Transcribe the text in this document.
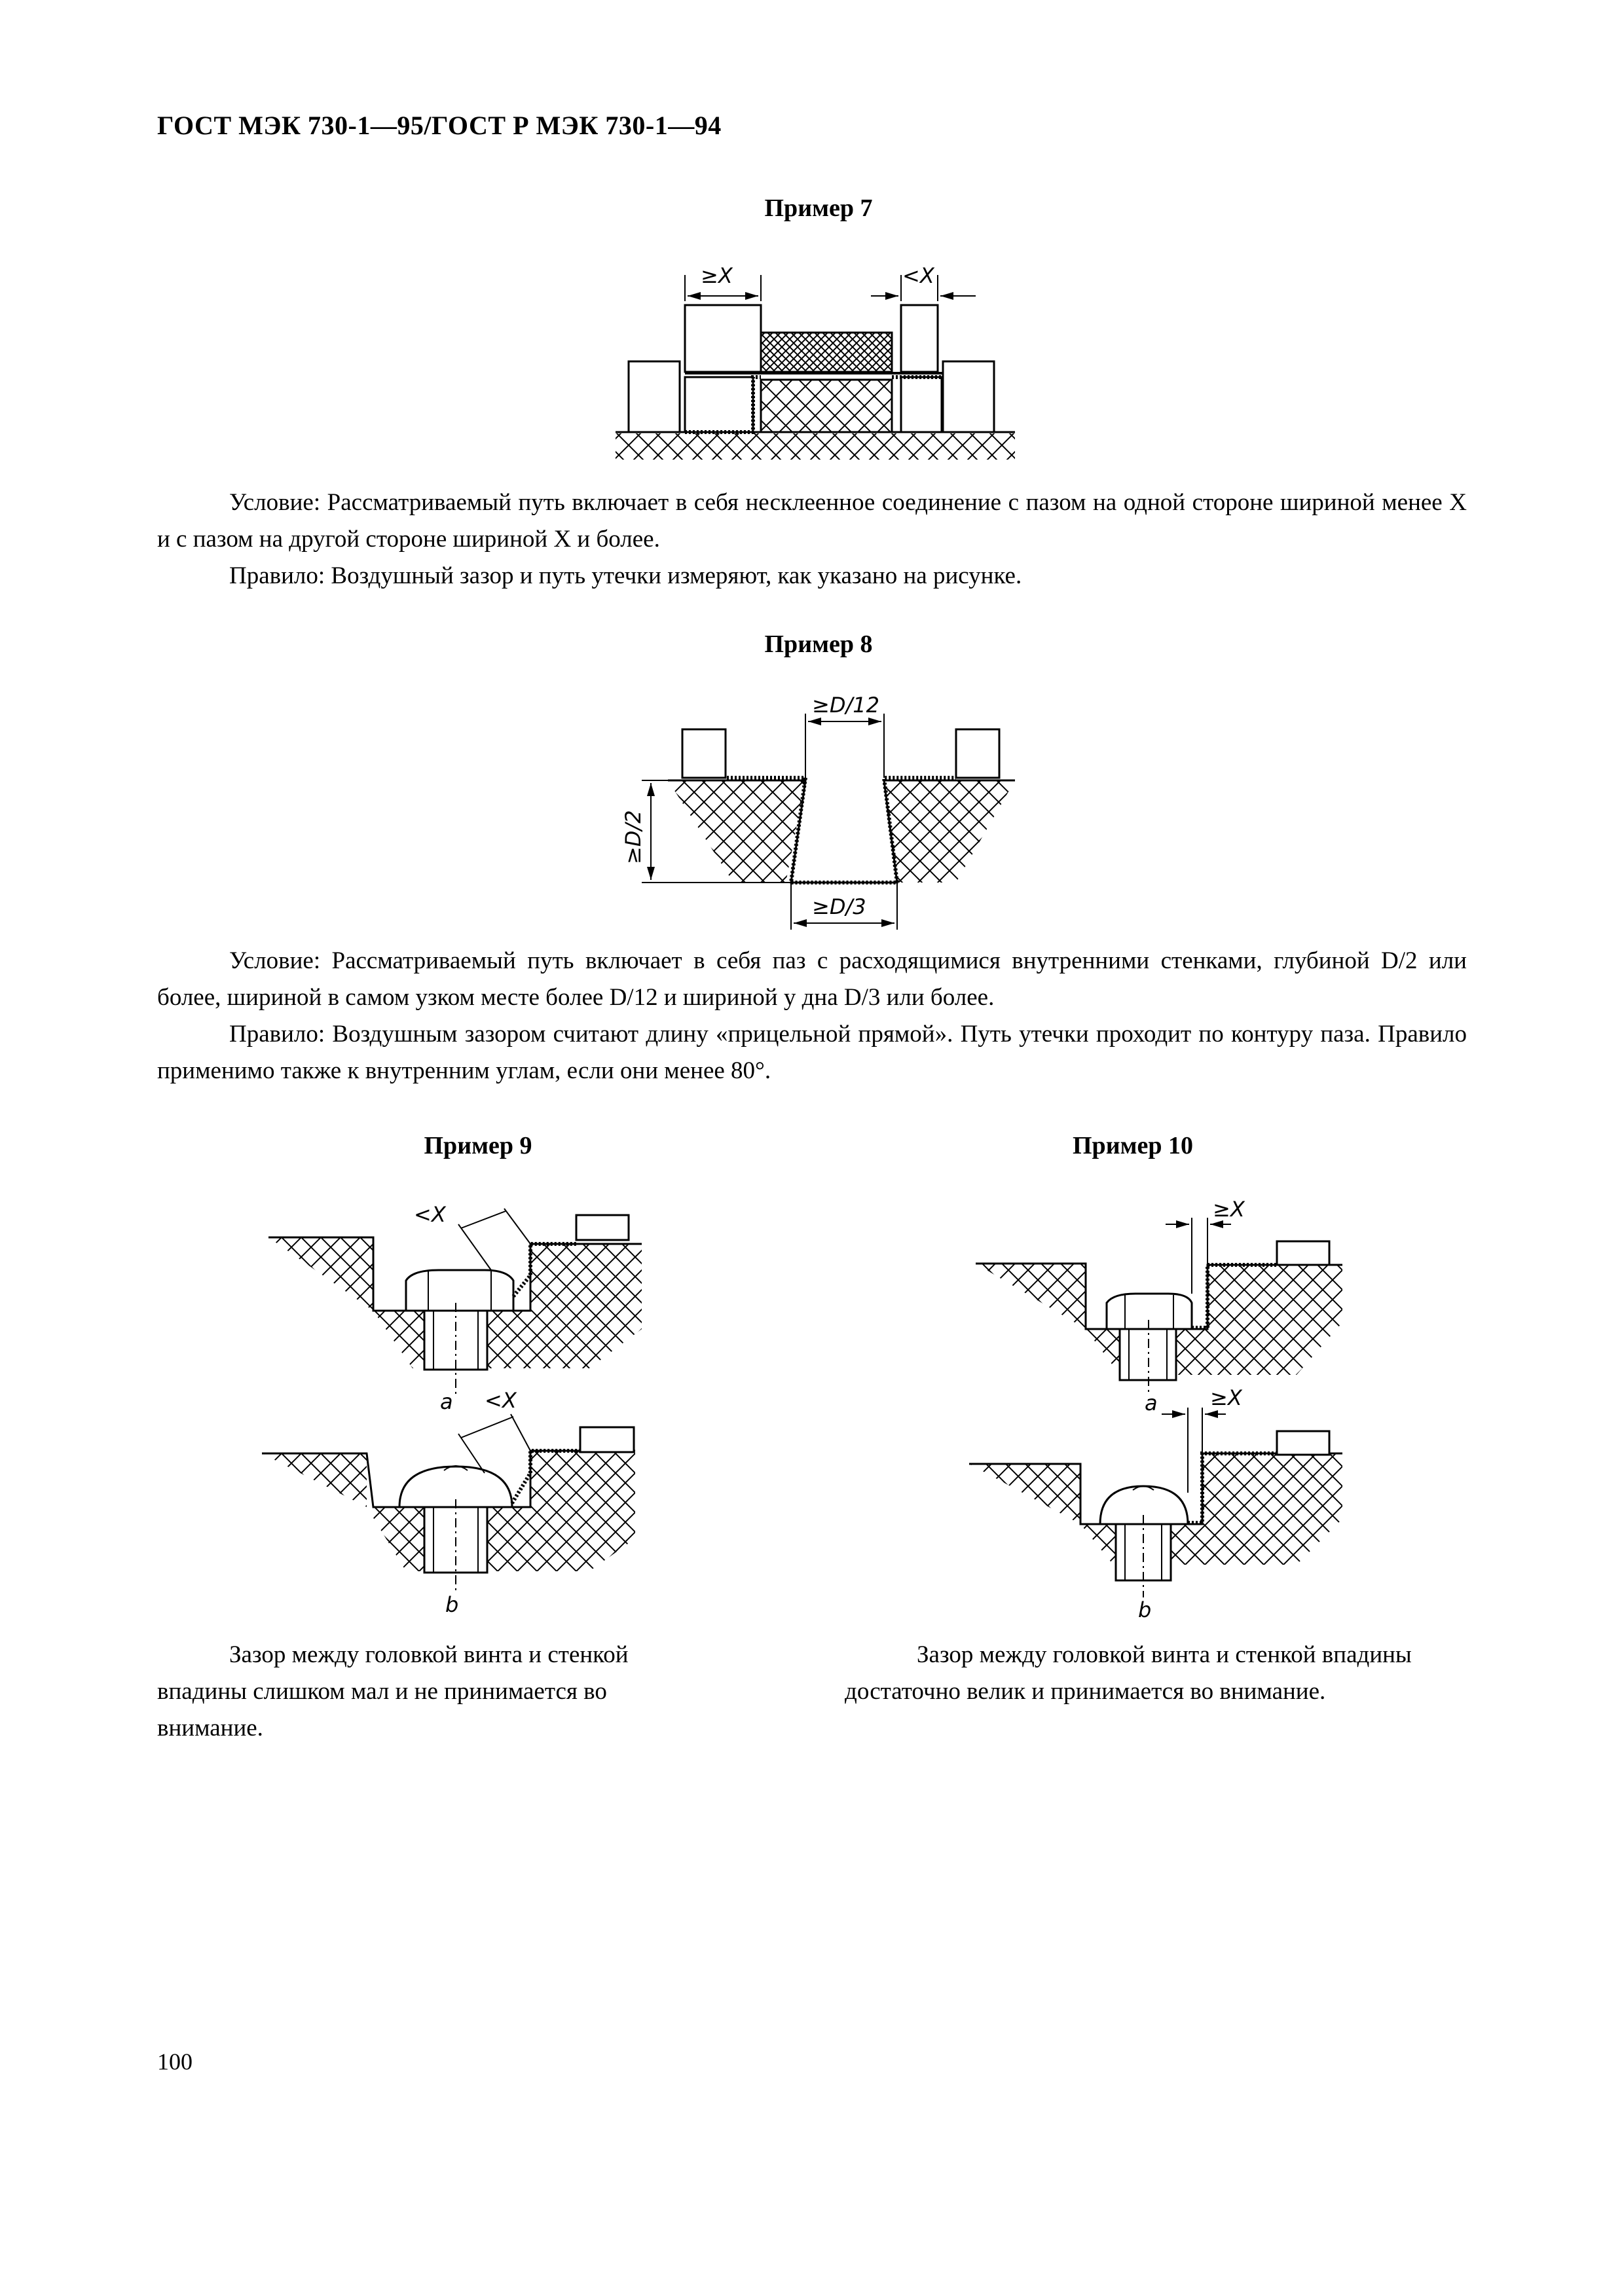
ГОСТ МЭК 730-1—95/ГОСТ Р МЭК 730-1—94
Пример 7
≥X	<X

Условие: Рассматриваемый путь включает в себя несклеенное соединение с пазом на одной стороне шириной менее X и с пазом на другой стороне шириной X и более.

Правило: Воздушный зазор и путь утечки измеряют, как указано на рисунке.

Пример 8
≥D/12
≥D/2
≥D/3

Условие: Рассматриваемый путь включает в себя паз с расходящимися внутренними стенками, глубиной D/2 или более, шириной в самом узком месте более D/12 и шириной у дна D/3 или более.

Правило: Воздушным зазором считают длину «прицельной прямой». Путь утечки проходит по контуру паза. Правило применимо также к внутренним углам, если они менее 80°.

Пример 9
<X
a <X
b
Зазор между головкой винта и стенкой впадины слишком мал и не принимается во внимание.
Пример 10
≥X
a	≥X
b
Зазор между головкой винта и стенкой впадины достаточно велик и принимается во внимание.
100
